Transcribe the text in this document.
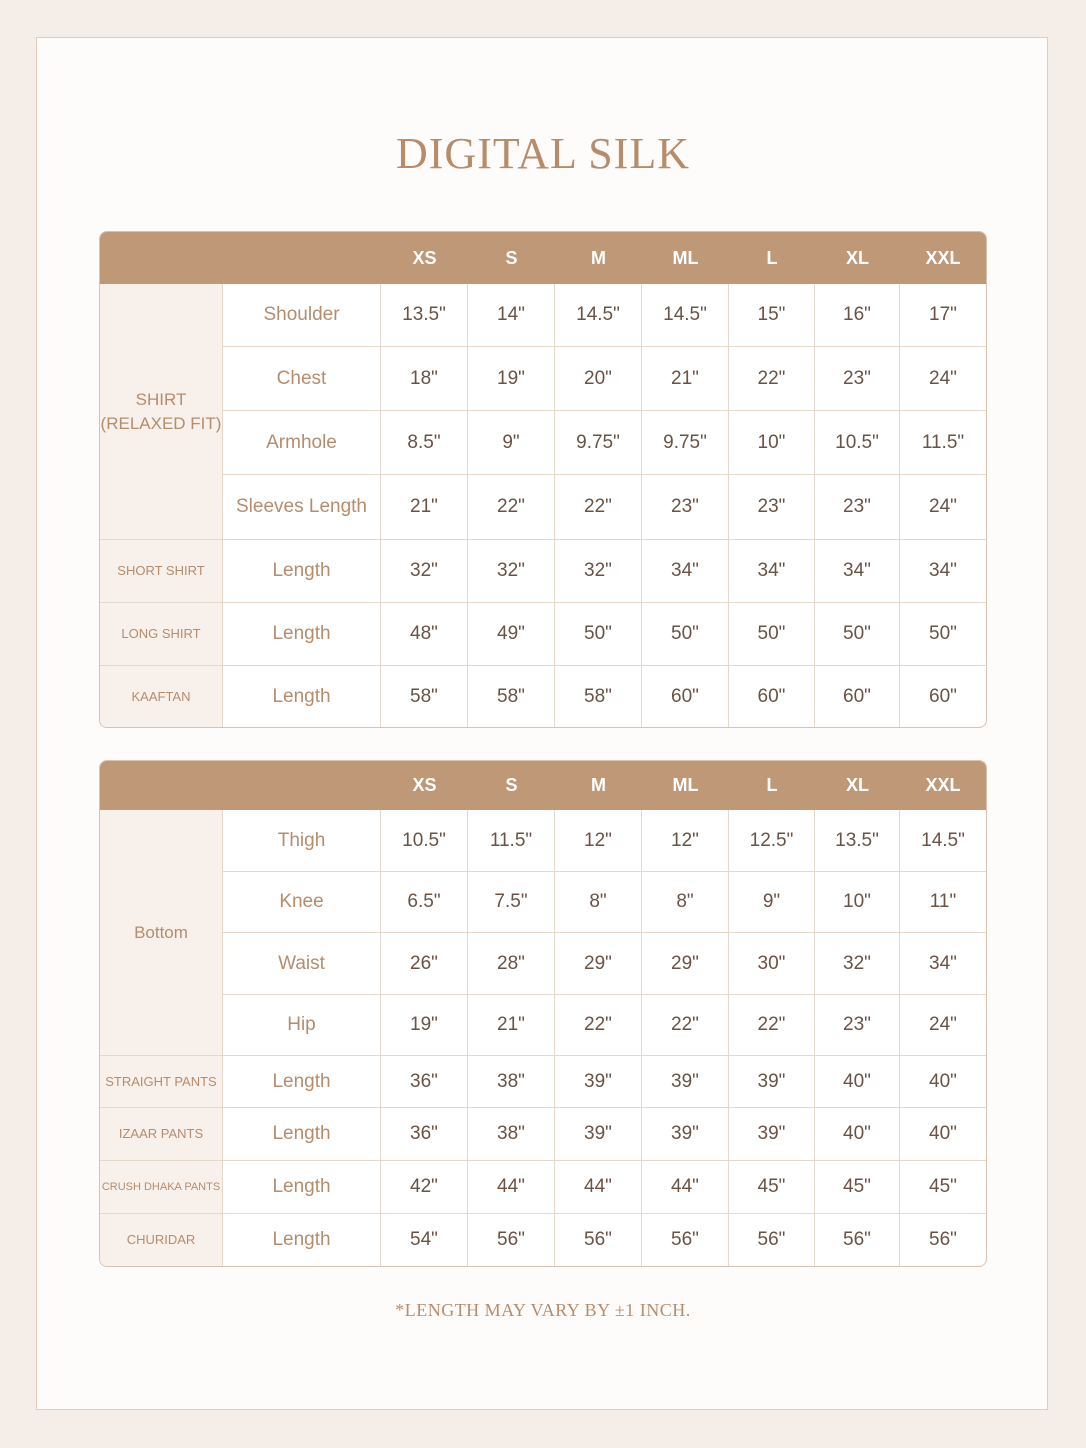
DIGITAL SILK
		XS	S	M	ML	L	XL	XXL
SHIRT (RELAXED FIT)	Shoulder	13.5"	14"	14.5"	14.5"	15"	16"	17"
	Chest	18"	19"	20"	21"	22"	23"	24"
	Armhole	8.5"	9"	9.75"	9.75"	10"	10.5"	11.5"
	Sleeves Length	21"	22"	22"	23"	23"	23"	24"
SHORT SHIRT	Length	32"	32"	32"	34"	34"	34"	34"
LONG SHIRT	Length	48"	49"	50"	50"	50"	50"	50"
KAAFTAN	Length	58"	58"	58"	60"	60"	60"	60"
		XS	S	M	ML	L	XL	XXL
Bottom	Thigh	10.5"	11.5"	12"	12"	12.5"	13.5"	14.5"
	Knee	6.5"	7.5"	8"	8"	9"	10"	11"
	Waist	26"	28"	29"	29"	30"	32"	34"
	Hip	19"	21"	22"	22"	22"	23"	24"
STRAIGHT PANTS	Length	36"	38"	39"	39"	39"	40"	40"
IZAAR PANTS	Length	36"	38"	39"	39"	39"	40"	40"
CRUSH DHAKA PANTS	Length	42"	44"	44"	44"	45"	45"	45"
CHURIDAR	Length	54"	56"	56"	56"	56"	56"	56"
*LENGTH MAY VARY BY ±1 INCH.
